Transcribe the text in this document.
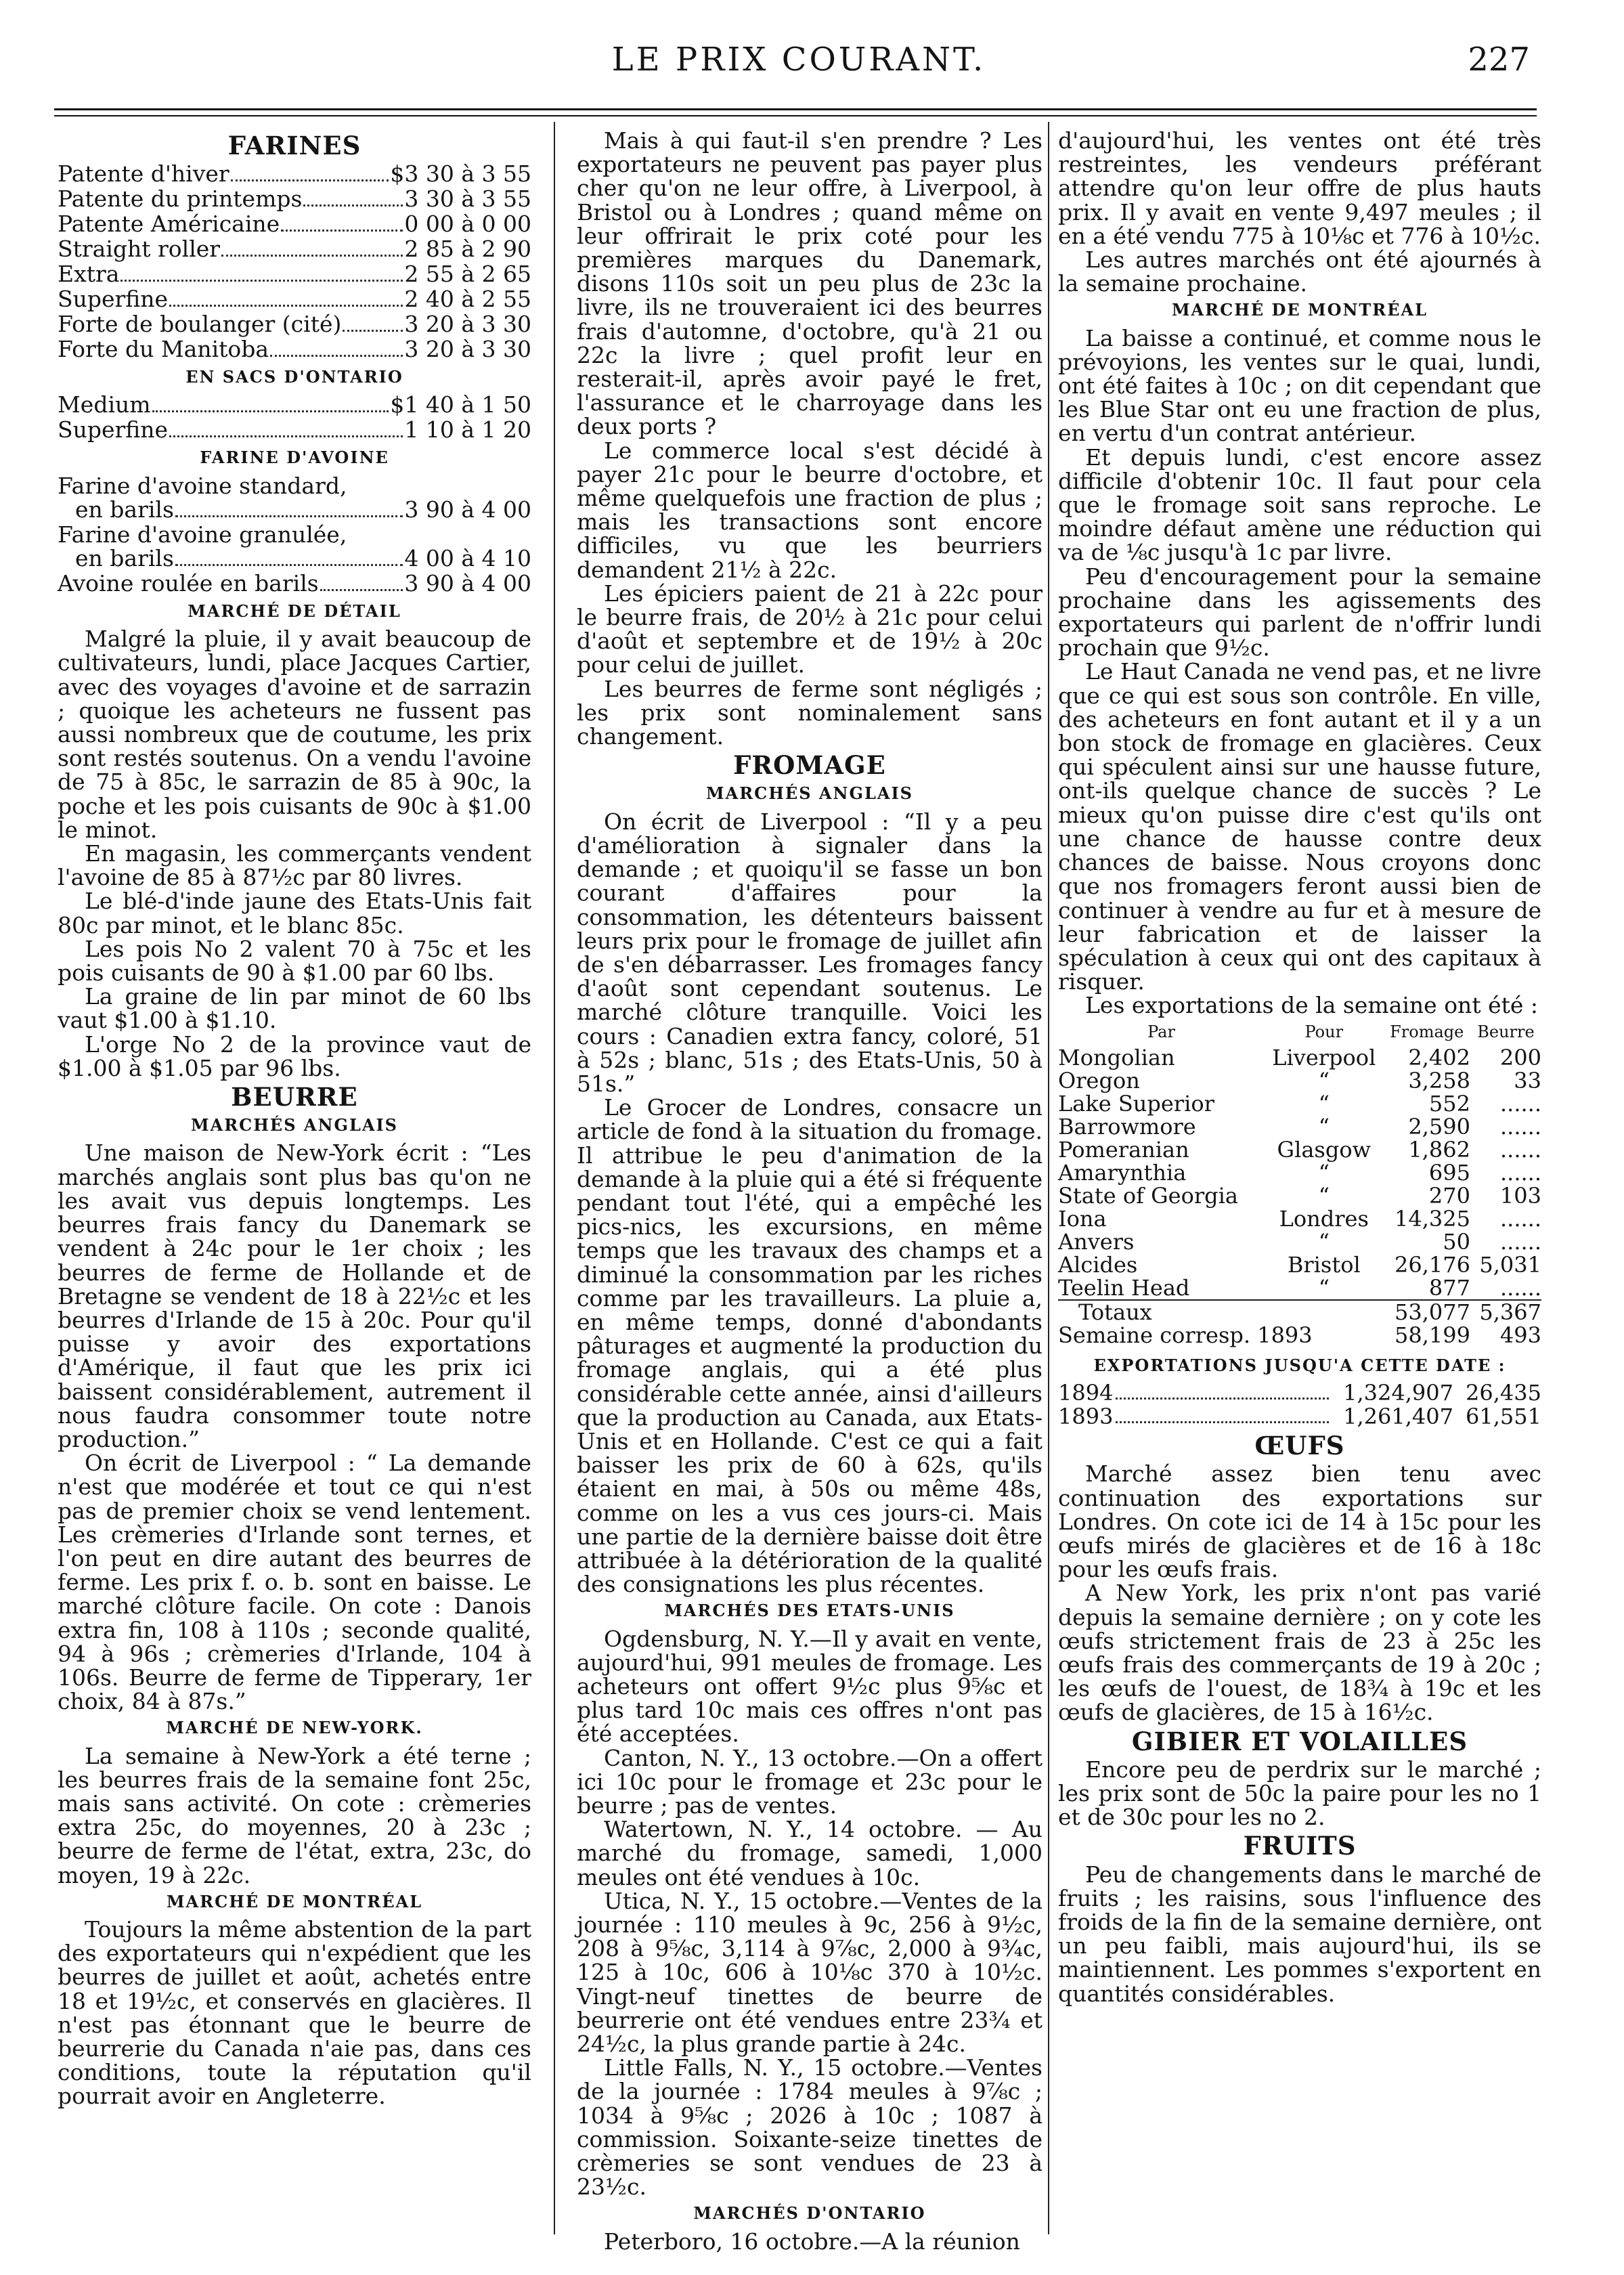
LE PRIX COURANT.	227
FARINES
Patente d'hiver	$3 30 à 3 55
Patente du printemps	3 30 à 3 55
Patente Américaine	0 00 à 0 00
Straight roller	2 85 à 2 90
Extra	2 55 à 2 65
Superfine	2 40 à 2 55
Forte de boulanger (cité)	3 20 à 3 30
Forte du Manitoba	3 20 à 3 30
EN SACS D'ONTARIO
Medium	$1 40 à 1 50
Superfine	1 10 à 1 20
FARINE D'AVOINE
Farine d'avoine standard,
en barils	3 90 à 4 00
Farine d'avoine granulée,
en barils	4 00 à 4 10
Avoine roulée en barils	3 90 à 4 00
MARCHÉ DE DÉTAIL

Malgré la pluie, il y avait beaucoup de cultivateurs, lundi, place Jacques Cartier, avec des voyages d'avoine et de sarrazin ; quoique les acheteurs ne fussent pas aussi nombreux que de coutume, les prix sont restés soutenus. On a vendu l'avoine de 75 à 85c, le sarrazin de 85 à 90c, la poche et les pois cuisants de 90c à $1.00 le minot.

En magasin, les commerçants vendent l'avoine de 85 à 87½c par 80 livres.

Le blé-d'inde jaune des Etats-Unis fait 80c par minot, et le blanc 85c.

Les pois No 2 valent 70 à 75c et les pois cuisants de 90 à $1.00 par 60 lbs.

La graine de lin par minot de 60 lbs vaut $1.00 à $1.10.

L'orge No 2 de la province vaut de $1.00 à $1.05 par 96 lbs.

BEURRE
MARCHÉS ANGLAIS

Une maison de New-York écrit : “Les marchés anglais sont plus bas qu'on ne les avait vus depuis longtemps. Les beurres frais fancy du Danemark se vendent à 24c pour le 1er choix ; les beurres de ferme de Hollande et de Bretagne se vendent de 18 à 22½c et les beurres d'Irlande de 15 à 20c. Pour qu'il puisse y avoir des exportations d'Amérique, il faut que les prix ici baissent considérablement, autrement il nous faudra consommer toute notre production.”

On écrit de Liverpool : “ La demande n'est que modérée et tout ce qui n'est pas de premier choix se vend lentement. Les crèmeries d'Irlande sont ternes, et l'on peut en dire autant des beurres de ferme. Les prix f. o. b. sont en baisse. Le marché clôture facile. On cote : Danois extra fin, 108 à 110s ; seconde qualité, 94 à 96s ; crèmeries d'Irlande, 104 à 106s. Beurre de ferme de Tipperary, 1er choix, 84 à 87s.”

MARCHÉ DE NEW-YORK.

La semaine à New-York a été terne ; les beurres frais de la semaine font 25c, mais sans activité. On cote : crèmeries extra 25c, do moyennes, 20 à 23c ; beurre de ferme de l'état, extra, 23c, do moyen, 19 à 22c.

MARCHÉ DE MONTRÉAL

Toujours la même abstention de la part des exportateurs qui n'expédient que les beurres de juillet et août, achetés entre 18 et 19½c, et conservés en glacières. Il n'est pas étonnant que le beurre de beurrerie du Canada n'aie pas, dans ces conditions, toute la réputation qu'il pourrait avoir en Angleterre.

Mais à qui faut-il s'en prendre ? Les exportateurs ne peuvent pas payer plus cher qu'on ne leur offre, à Liverpool, à Bristol ou à Londres ; quand même on leur offrirait le prix coté pour les premières marques du Danemark, disons 110s soit un peu plus de 23c la livre, ils ne trouveraient ici des beurres frais d'automne, d'octobre, qu'à 21 ou 22c la livre ; quel profit leur en resterait-il, après avoir payé le fret, l'assurance et le charroyage dans les deux ports ?

Le commerce local s'est décidé à payer 21c pour le beurre d'octobre, et même quelquefois une fraction de plus ; mais les transactions sont encore difficiles, vu que les beurriers demandent 21½ à 22c.

Les épiciers paient de 21 à 22c pour le beurre frais, de 20½ à 21c pour celui d'août et septembre et de 19½ à 20c pour celui de juillet.

Les beurres de ferme sont négligés ; les prix sont nominalement sans changement.

FROMAGE
MARCHÉS ANGLAIS

On écrit de Liverpool : “Il y a peu d'amélioration à signaler dans la demande ; et quoiqu'il se fasse un bon courant d'affaires pour la consommation, les détenteurs baissent leurs prix pour le fromage de juillet afin de s'en débarrasser. Les fromages fancy d'août sont cependant soutenus. Le marché clôture tranquille. Voici les cours : Canadien extra fancy, coloré, 51 à 52s ; blanc, 51s ; des Etats-Unis, 50 à 51s.”

Le Grocer de Londres, consacre un article de fond à la situation du fromage. Il attribue le peu d'animation de la demande à la pluie qui a été si fréquente pendant tout l'été, qui a empêché les pics-nics, les excursions, en même temps que les travaux des champs et a diminué la consommation par les riches comme par les travailleurs. La pluie a, en même temps, donné d'abondants pâturages et augmenté la production du fromage anglais, qui a été plus considérable cette année, ainsi d'ailleurs que la production au Canada, aux Etats-Unis et en Hollande. C'est ce qui a fait baisser les prix de 60 à 62s, qu'ils étaient en mai, à 50s ou même 48s, comme on les a vus ces jours-ci. Mais une partie de la dernière baisse doit être attribuée à la détérioration de la qualité des consignations les plus récentes.

MARCHÉS DES ETATS-UNIS

Ogdensburg, N. Y.—Il y avait en vente, aujourd'hui, 991 meules de fromage. Les acheteurs ont offert 9½c plus 9⅝c et plus tard 10c mais ces offres n'ont pas été acceptées.

Canton, N. Y., 13 octobre.—On a offert ici 10c pour le fromage et 23c pour le beurre ; pas de ventes.

Watertown, N. Y., 14 octobre. — Au marché du fromage, samedi, 1,000 meules ont été vendues à 10c.

Utica, N. Y., 15 octobre.—Ventes de la journée : 110 meules à 9c, 256 à 9½c, 208 à 9⅝c, 3,114 à 9⅞c, 2,000 à 9¾c, 125 à 10c, 606 à 10⅛c 370 à 10½c. Vingt-neuf tinettes de beurre de beurrerie ont été vendues entre 23¾ et 24½c, la plus grande partie à 24c.

Little Falls, N. Y., 15 octobre.—Ventes de la journée : 1784 meules à 9⅞c ; 1034 à 9⅝c ; 2026 à 10c ; 1087 à commission. Soixante-seize tinettes de crèmeries se sont vendues de 23 à 23½c.

MARCHÉS D'ONTARIO

Peterboro, 16 octobre.—A la réunion

d'aujourd'hui, les ventes ont été très restreintes, les vendeurs préférant attendre qu'on leur offre de plus hauts prix. Il y avait en vente 9,497 meules ; il en a été vendu 775 à 10⅛c et 776 à 10½c.

Les autres marchés ont été ajournés à la semaine prochaine.

MARCHÉ DE MONTRÉAL

La baisse a continué, et comme nous le prévoyions, les ventes sur le quai, lundi, ont été faites à 10c ; on dit cependant que les Blue Star ont eu une fraction de plus, en vertu d'un contrat antérieur.

Et depuis lundi, c'est encore assez difficile d'obtenir 10c. Il faut pour cela que le fromage soit sans reproche. Le moindre défaut amène une réduction qui va de ⅛c jusqu'à 1c par livre.

Peu d'encouragement pour la semaine prochaine dans les agissements des exportateurs qui parlent de n'offrir lundi prochain que 9½c.

Le Haut Canada ne vend pas, et ne livre que ce qui est sous son contrôle. En ville, des acheteurs en font autant et il y a un bon stock de fromage en glacières. Ceux qui spéculent ainsi sur une hausse future, ont-ils quelque chance de succès ? Le mieux qu'on puisse dire c'est qu'ils ont une chance de hausse contre deux chances de baisse. Nous croyons donc que nos fromagers feront aussi bien de continuer à vendre au fur et à mesure de leur fabrication et de laisser la spéculation à ceux qui ont des capitaux à risquer.

Les exportations de la semaine ont été :

Par	Pour	Fromage	Beurre
Mongolian	Liverpool	2,402	200
Oregon	“	3,258	33
Lake Superior	“	552	......
Barrowmore	“	2,590	......
Pomeranian	Glasgow	1,862	......
Amarynthia	“	695	......
State of Georgia	“	270	103
Iona	Londres	14,325	......
Anvers	“	50	......
Alcides	Bristol	26,176	5,031
Teelin Head	“	877	......
Totaux		53,077	5,367
Semaine corresp. 1893		58,199	493
EXPORTATIONS JUSQU'A CETTE DATE :
1894	1,324,907 26,435
1893	1,261,407 61,551
ŒUFS

Marché assez bien tenu avec continuation des exportations sur Londres. On cote ici de 14 à 15c pour les œufs mirés de glacières et de 16 à 18c pour les œufs frais.

A New York, les prix n'ont pas varié depuis la semaine dernière ; on y cote les œufs strictement frais de 23 à 25c les œufs frais des commerçants de 19 à 20c ; les œufs de l'ouest, de 18¾ à 19c et les œufs de glacières, de 15 à 16½c.

GIBIER ET VOLAILLES

Encore peu de perdrix sur le marché ; les prix sont de 50c la paire pour les no 1 et de 30c pour les no 2.

FRUITS

Peu de changements dans le marché de fruits ; les raisins, sous l'influence des froids de la fin de la semaine dernière, ont un peu faibli, mais aujourd'hui, ils se maintiennent. Les pommes s'exportent en quantités considérables.
